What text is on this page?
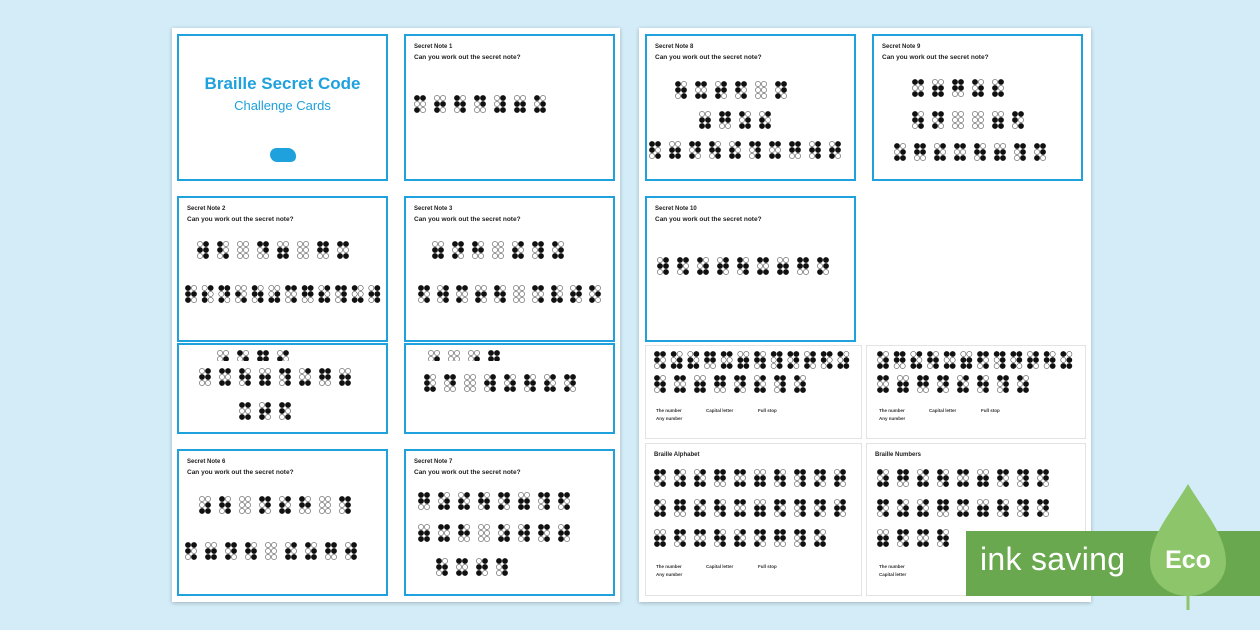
Braille Secret Code
Challenge Cards
Secret Note 1
Can you work out the secret note?
Secret Note 2
Can you work out the secret note?
Secret Note 3
Can you work out the secret note?
Secret Note 6
Can you work out the secret note?
Secret Note 7
Can you work out the secret note?
Secret Note 8
Can you work out the secret note?
Secret Note 9
Can you work out the secret note?
Secret Note 10
Can you work out the secret note?
The number	Capital letter	Full stop
Any number
The number	Capital letter	Full stop
Any number
Braille Alphabet
The number	Capital letter	Full stop
Any number
Braille Numbers
The number
Capital letter ink saving Eco
